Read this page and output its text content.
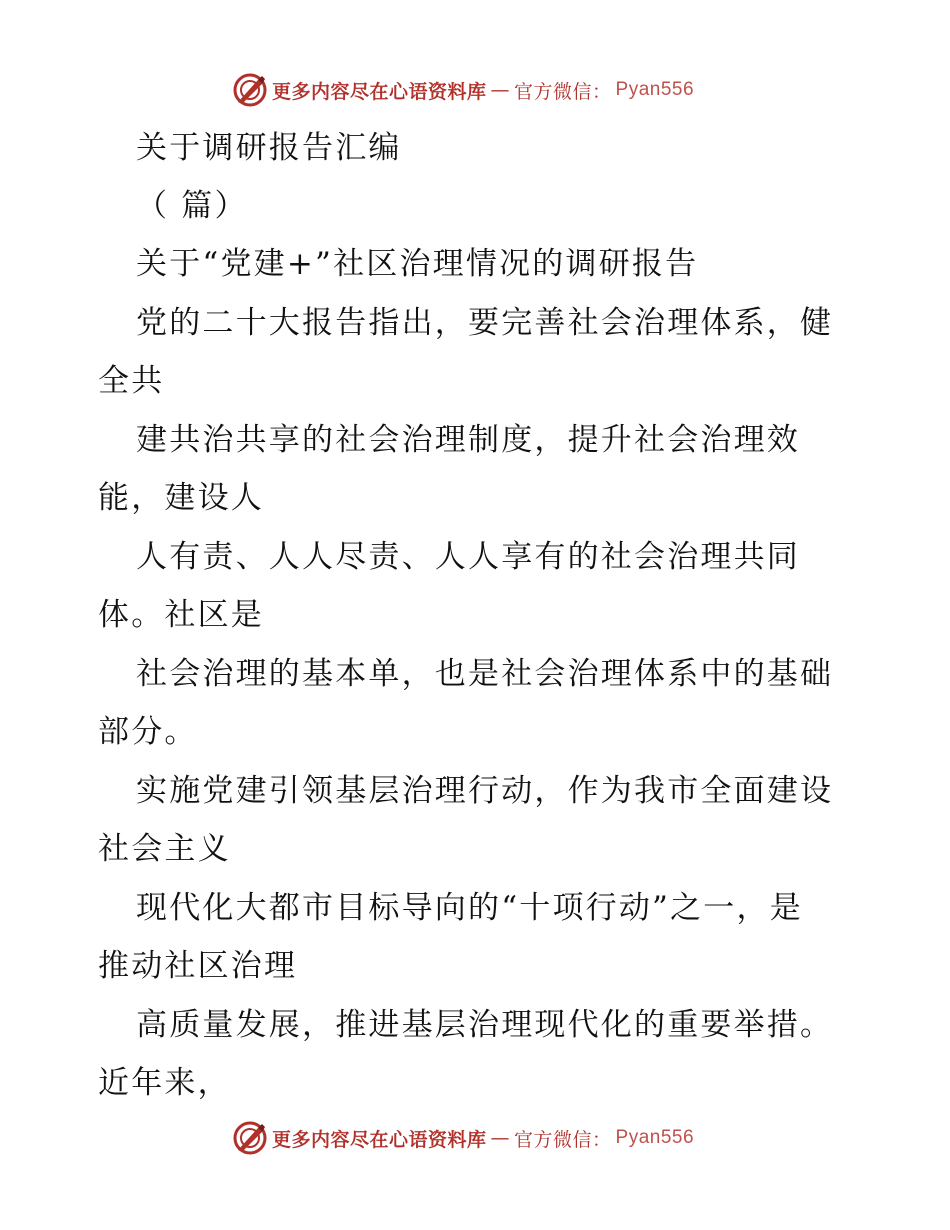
更多内容尽在心语资料库 — 官方微信： Pyan556
关于调研报告汇编
（ 篇）
关于“党建+”社区治理情况的调研报告
党的二十大报告指出，要完善社会治理体系，健
全共
建共治共享的社会治理制度，提升社会治理效
能，建设人
人有责、人人尽责、人人享有的社会治理共同
体。社区是
社会治理的基本单，也是社会治理体系中的基础
部分。
实施党建引领基层治理行动，作为我市全面建设
社会主义
现代化大都市目标导向的“十项行动”之一，是
推动社区治理
高质量发展，推进基层治理现代化的重要举措。
近年来，
更多内容尽在心语资料库 — 官方微信： Pyan556
